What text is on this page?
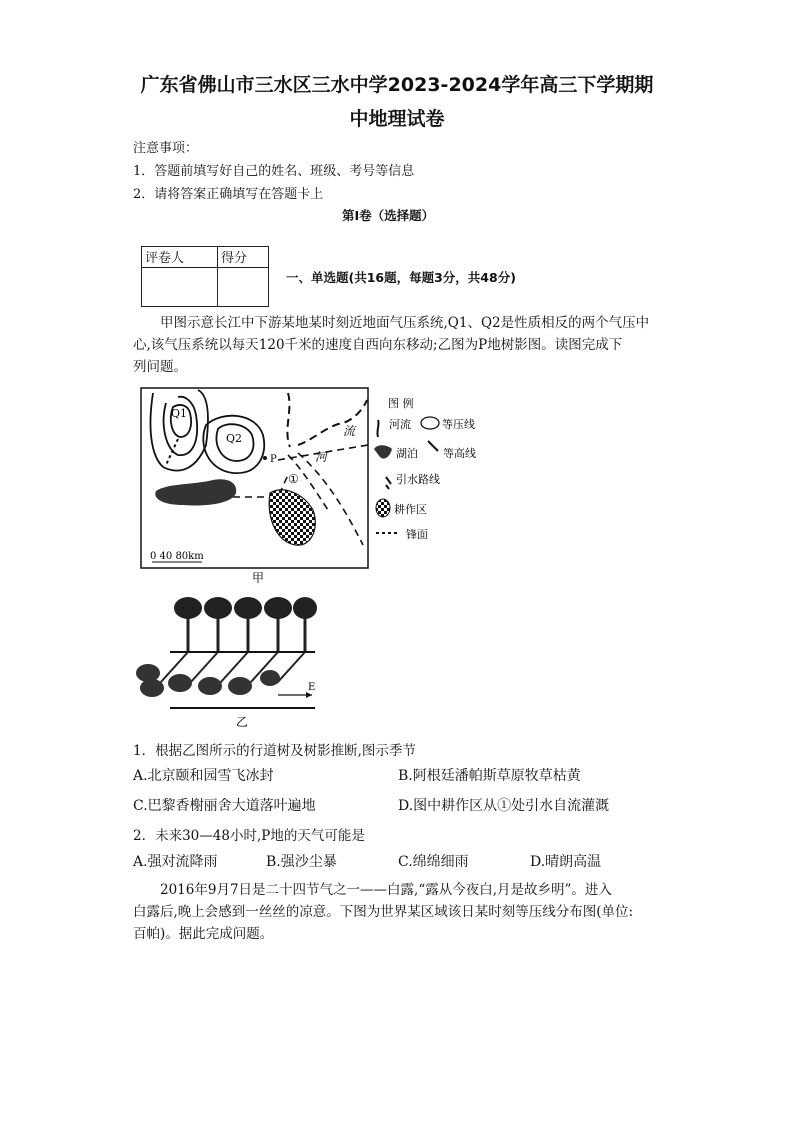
广东省佛山市三水区三水中学2023-2024学年高三下学期期
中地理试卷
注意事项：
1．答题前填写好自己的姓名、班级、考号等信息
2．请将答案正确填写在答题卡上
第I卷（选择题）
评卷人	得分

一、单选题(共16题，每题3分，共48分)
甲图示意长江中下游某地某时刻近地面气压系统,Q1、Q2是性质相反的两个气压中
心,该气压系统以每天120千米的速度自西向东移动;乙图为P地树影图。读图完成下
列问题。
Q1
Q2
P
流
河
①
0 40 80km
甲
图 例
河流	等压线
湖泊 等高线
引水路线
耕作区
锋面
E
乙
1．根据乙图所示的行道树及树影推断,图示季节
A.北京颐和园雪飞冰封	B.阿根廷潘帕斯草原牧草枯黄
C.巴黎香榭丽舍大道落叶遍地	D.图中耕作区从①处引水自流灌溉
2．未来30—48小时,P地的天气可能是
A.强对流降雨	B.强沙尘暴	C.绵绵细雨	D.晴朗高温
2016年9月7日是二十四节气之一——白露,“露从今夜白,月是故乡明”。进入
白露后,晚上会感到一丝丝的凉意。下图为世界某区域该日某时刻等压线分布图(单位:
百帕)。据此完成问题。
